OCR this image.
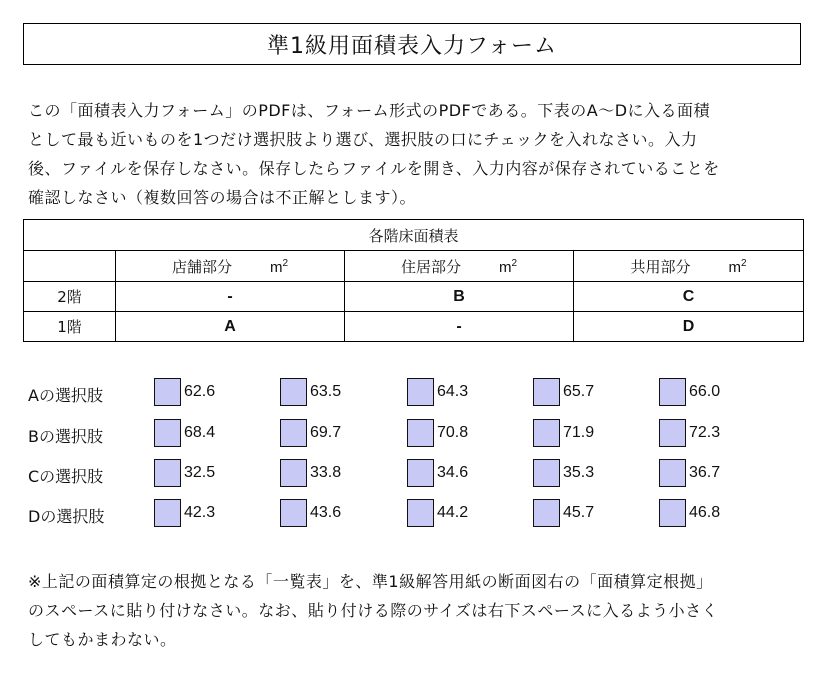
準1級用面積表入力フォーム
この「面積表入力フォーム」のPDFは、フォーム形式のPDFである。下表のA～Dに入る面積
として最も近いものを1つだけ選択肢より選び、選択肢の口にチェックを入れなさい。入力
後、ファイルを保存しなさい。保存したらファイルを開き、入力内容が保存されていることを
確認しなさい（複数回答の場合は不正解とします）。
各階床面積表			
	店舗部分 $m^2$	住居部分 $m^2$	共用部分 $m^2$
2階	-	B	C
1階	A	-	D
Aの選択肢	62.6	63.5	64.3	65.7	66.0
Bの選択肢	68.4	69.7	70.8	71.9	72.3
Cの選択肢	32.5	33.8	34.6	35.3	36.7
Dの選択肢	42.3	43.6	44.2	45.7	46.8
※上記の面積算定の根拠となる「一覧表」を、準1級解答用紙の断面図右の「面積算定根拠」
のスペースに貼り付けなさい。なお、貼り付ける際のサイズは右下スペースに入るよう小さく
してもかまわない。
